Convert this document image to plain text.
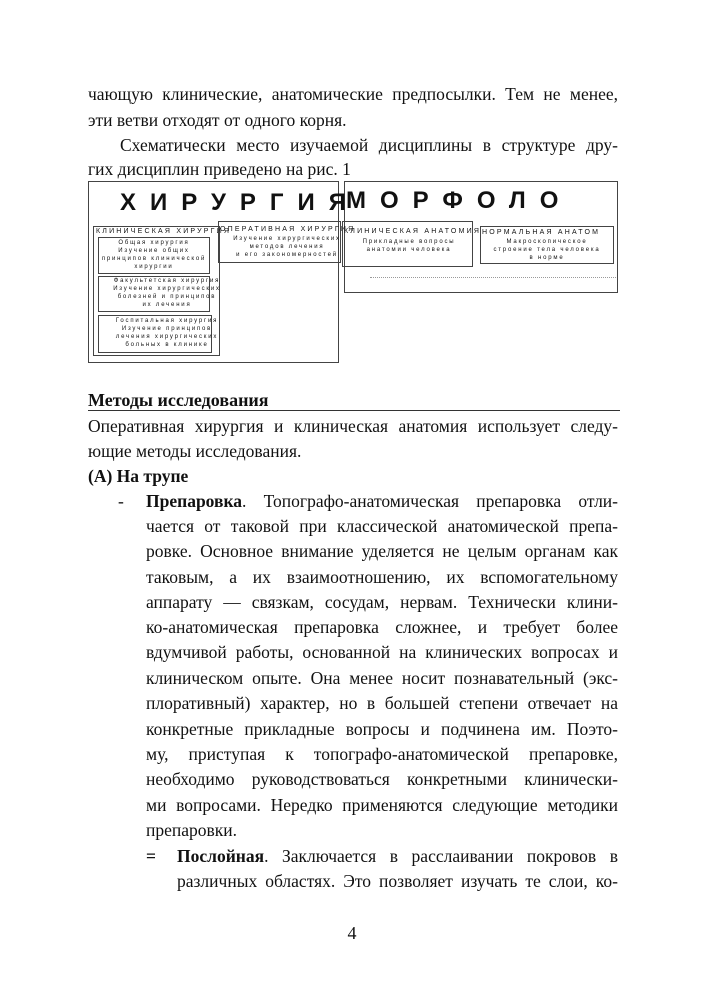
чающую клинические, анатомические предпосылки. Тем не менее,
эти ветви отходят от одного корня.
Схематически место изучаемой дисциплины в структуре дру-
гих дисциплин приведено на рис. 1
ХИРУРГИЯ
МОРФОЛО
КЛИНИЧЕСКАЯ ХИРУРГИЯ
Общая хирургия
Изучение общих
принципов клинической
хирургии
Факультетская хирургия
Изучение хирургических
болезней и принципов
их лечения
Госпитальная хирургия
Изучение принципов
лечения хирургических
больных в клинике
ОПЕРАТИВНАЯ ХИРУРГИЯ
Изучение хирургических
методов лечения
и его закономерностей
КЛИНИЧЕСКАЯ АНАТОМИЯ
Прикладные вопросы
анатомии человека
НОРМАЛЬНАЯ АНАТОМ
Макроскопическое
строение тела человека
в норме
Методы исследования
Оперативная хирургия и клиническая анатомия использует следу-
ющие методы исследования.
(А) На трупе
- Препаровка. Топографо-анатомическая препаровка отли-
чается от таковой при классической анатомической препа-
ровке. Основное внимание уделяется не целым органам как
таковым, а их взаимоотношению, их вспомогательному
аппарату — связкам, сосудам, нервам. Технически клини-
ко-анатомическая препаровка сложнее, и требует более
вдумчивой работы, основанной на клинических вопросах и
клиническом опыте. Она менее носит познавательный (экс-
плоративный) характер, но в большей степени отвечает на
конкретные прикладные вопросы и подчинена им. Поэто-
му, приступая к топографо-анатомической препаровке,
необходимо руководствоваться конкретными клинически-
ми вопросами. Нередко применяются следующие методики
препаровки.
= Послойная. Заключается в расслаивании покровов в
различных областях. Это позволяет изучать те слои, ко-
4
